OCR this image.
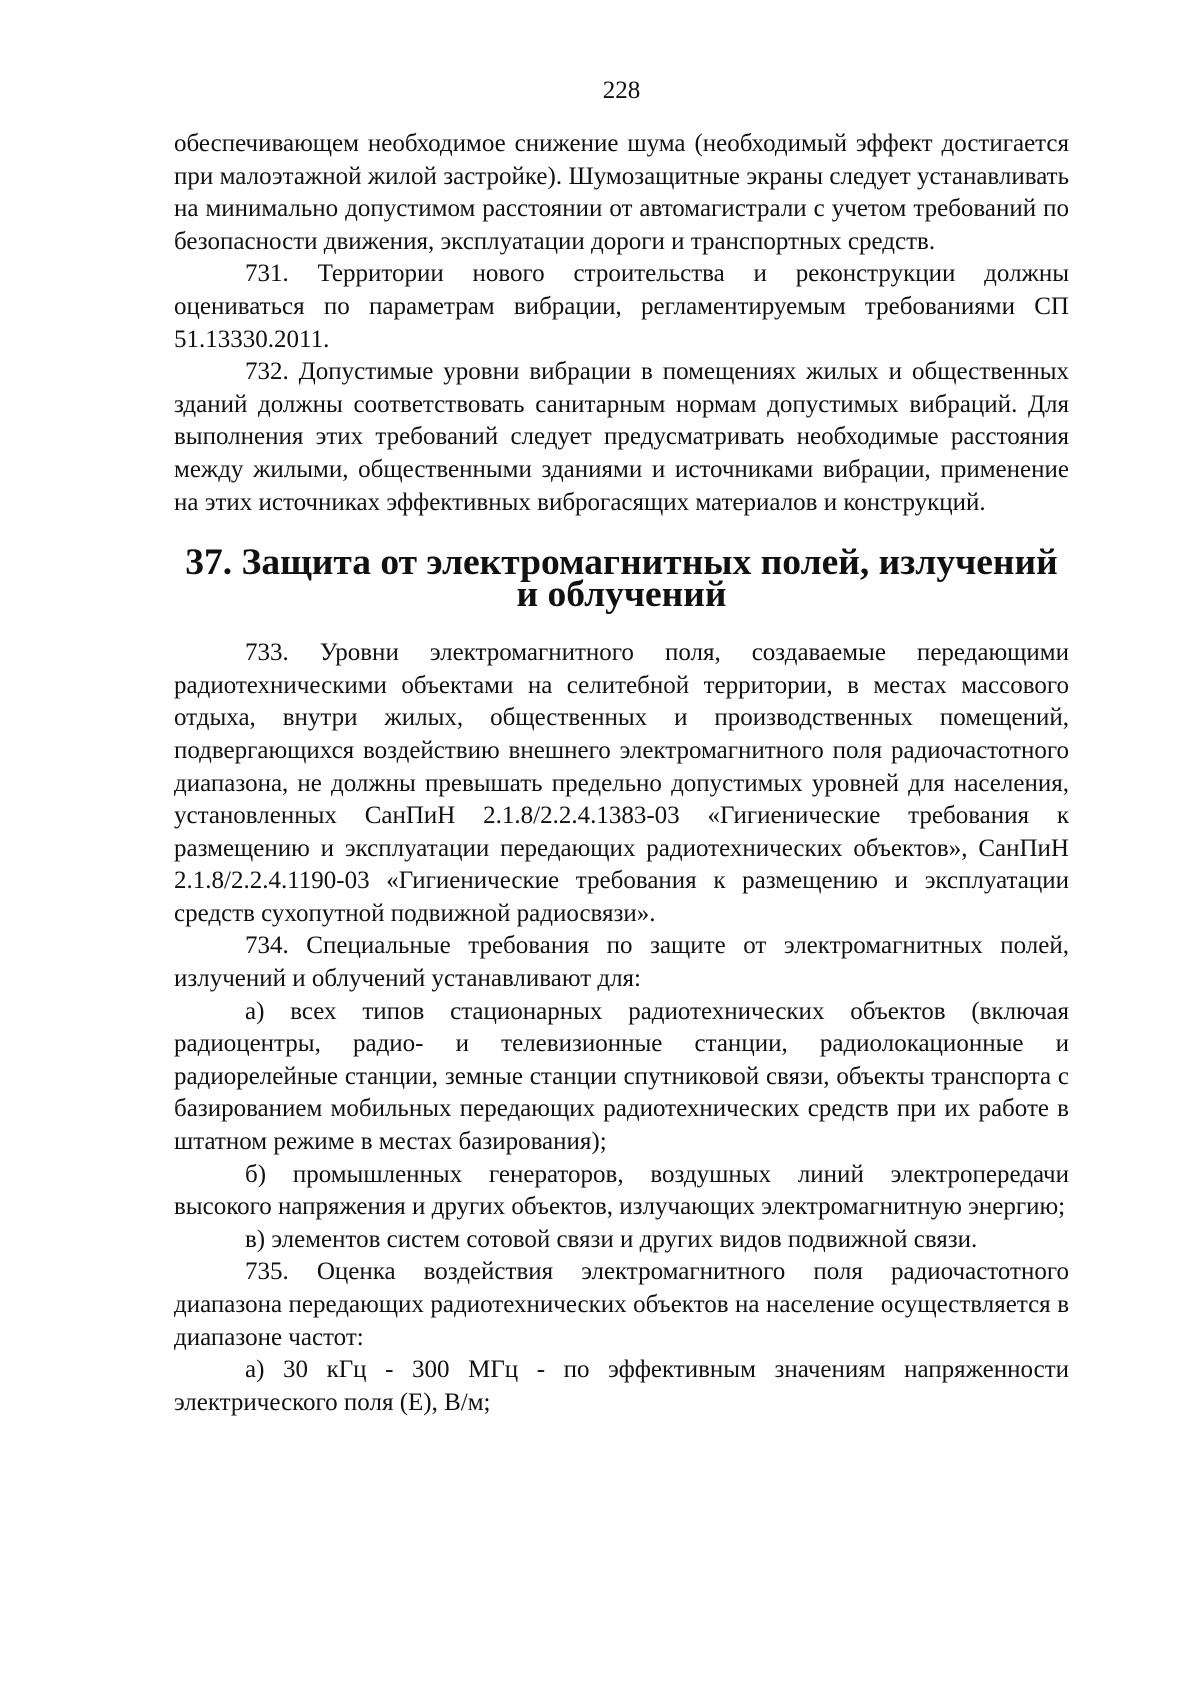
228

обеспечивающем необходимое снижение шума (необходимый эффект достигается при малоэтажной жилой застройке). Шумозащитные экраны следует устанавливать на минимально допустимом расстоянии от автомагистрали с учетом требований по безопасности движения, эксплуатации дороги и транспортных средств.

731. Территории нового строительства и реконструкции должны оцениваться по параметрам вибрации, регламентируемым требованиями СП 51.13330.2011.

732. Допустимые уровни вибрации в помещениях жилых и общественных зданий должны соответствовать санитарным нормам допустимых вибраций. Для выполнения этих требований следует предусматривать необходимые расстояния между жилыми, общественными зданиями и источниками вибрации, применение на этих источниках эффективных виброгасящих материалов и конструкций.

37. Защита от электромагнитных полей, излучений и облучений

733. Уровни электромагнитного поля, создаваемые передающими радиотехническими объектами на селитебной территории, в местах массового отдыха, внутри жилых, общественных и производственных помещений, подвергающихся воздействию внешнего электромагнитного поля радиочастотного диапазона, не должны превышать предельно допустимых уровней для населения, установленных СанПиН 2.1.8/2.2.4.1383-03 «Гигиенические требования к размещению и эксплуатации передающих радиотехнических объектов», СанПиН 2.1.8/2.2.4.1190-03 «Гигиенические требования к размещению и эксплуатации средств сухопутной подвижной радиосвязи».

734. Специальные требования по защите от электромагнитных полей, излучений и облучений устанавливают для:

а) всех типов стационарных радиотехнических объектов (включая радиоцентры, радио- и телевизионные станции, радиолокационные и радиорелейные станции, земные станции спутниковой связи, объекты транспорта с базированием мобильных передающих радиотехнических средств при их работе в штатном режиме в местах базирования);

б) промышленных генераторов, воздушных линий электропередачи высокого напряжения и других объектов, излучающих электромагнитную энергию;

в) элементов систем сотовой связи и других видов подвижной связи.

735. Оценка воздействия электромагнитного поля радиочастотного диапазона передающих радиотехнических объектов на население осуществляется в диапазоне частот:

а) 30 кГц - 300 МГц - по эффективным значениям напряженности электрического поля (Е), В/м;
